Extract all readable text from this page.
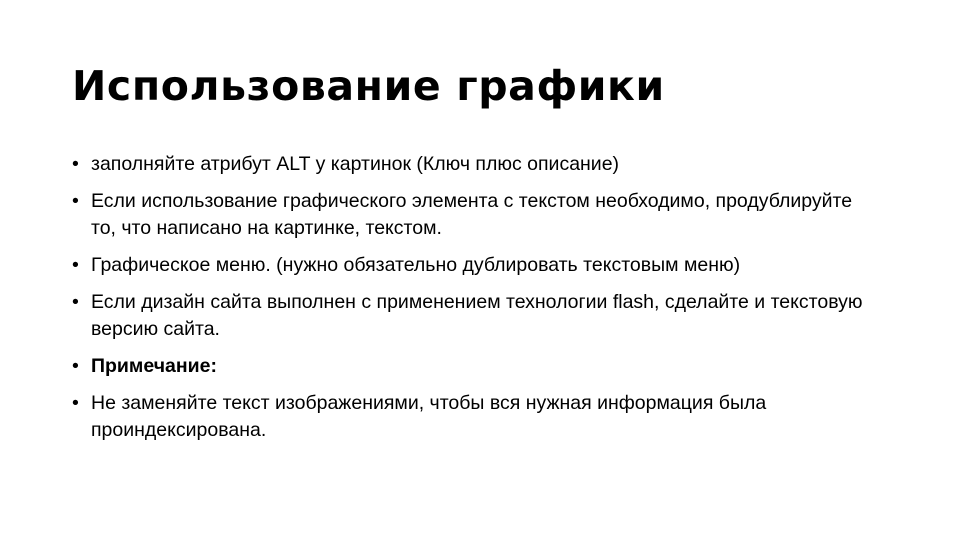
Использование графики
• заполняйте атрибут ALT у картинок (Ключ плюс описание)
• Если использование графического элемента с текстом необходимо, продублируйте то, что написано на картинке, текстом.
• Графическое меню. (нужно обязательно дублировать текстовым меню)
• Если дизайн сайта выполнен с применением технологии flash, сделайте и текстовую версию сайта.
• Примечание:
• Не заменяйте текст изображениями, чтобы вся нужная информация была проиндексирована.
